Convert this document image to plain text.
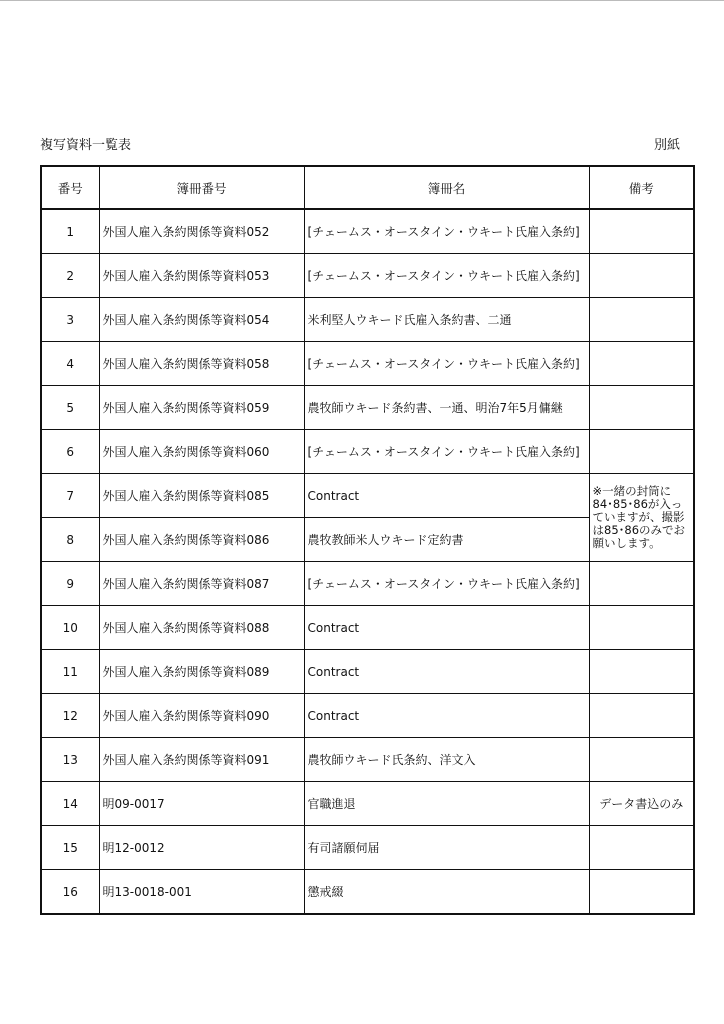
複写資料一覧表	別紙
番号	簿冊番号	簿冊名	備考
1	外国人雇入条約関係等資料052	[チェームス・オースタイン・ウキート氏雇入条約]	
2	外国人雇入条約関係等資料053	[チェームス・オースタイン・ウキート氏雇入条約]	
3	外国人雇入条約関係等資料054	米利堅人ウキード氏雇入条約書、二通	
4	外国人雇入条約関係等資料058	[チェームス・オースタイン・ウキート氏雇入条約]	
5	外国人雇入条約関係等資料059	農牧師ウキード条約書、一通、明治7年5月傭継	
6	外国人雇入条約関係等資料060	[チェームス・オースタイン・ウキート氏雇入条約]	
7	外国人雇入条約関係等資料085	Contract	※一緒の封筒に84･85･86が入っていますが、撮影は85･86のみでお願いします。
8	外国人雇入条約関係等資料086	農牧教師米人ウキード定約書	
9	外国人雇入条約関係等資料087	[チェームス・オースタイン・ウキート氏雇入条約]	
10	外国人雇入条約関係等資料088	Contract	
11	外国人雇入条約関係等資料089	Contract	
12	外国人雇入条約関係等資料090	Contract	
13	外国人雇入条約関係等資料091	農牧師ウキード氏条約、洋文入	
14	明09-0017	官職進退	データ書込のみ
15	明12-0012	有司諸願伺届	
16	明13-0018-001	懲戒綴	
